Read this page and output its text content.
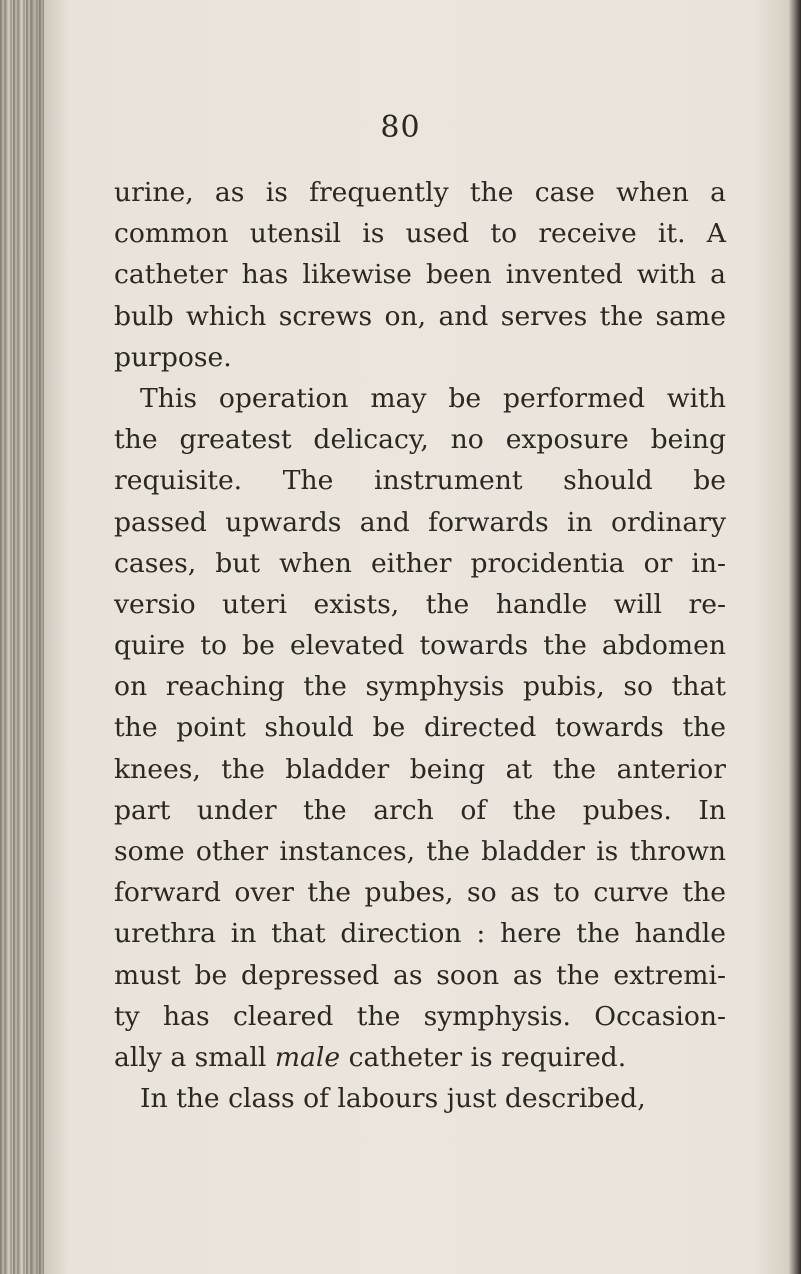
80
urine, as is frequently the case when a
common utensil is used to receive it. A
catheter has likewise been invented with a
bulb which screws on, and serves the same
purpose.
This operation may be performed with
the greatest delicacy, no exposure being
requisite. The instrument should be
passed upwards and forwards in ordinary
cases, but when either procidentia or in-
versio uteri exists, the handle will re-
quire to be elevated towards the abdomen
on reaching the symphysis pubis, so that
the point should be directed towards the
knees, the bladder being at the anterior
part under the arch of the pubes. In
some other instances, the bladder is thrown
forward over the pubes, so as to curve the
urethra in that direction : here the handle
must be depressed as soon as the extremi-
ty has cleared the symphysis. Occasion-
ally a small male catheter is required.
In the class of labours just described,
